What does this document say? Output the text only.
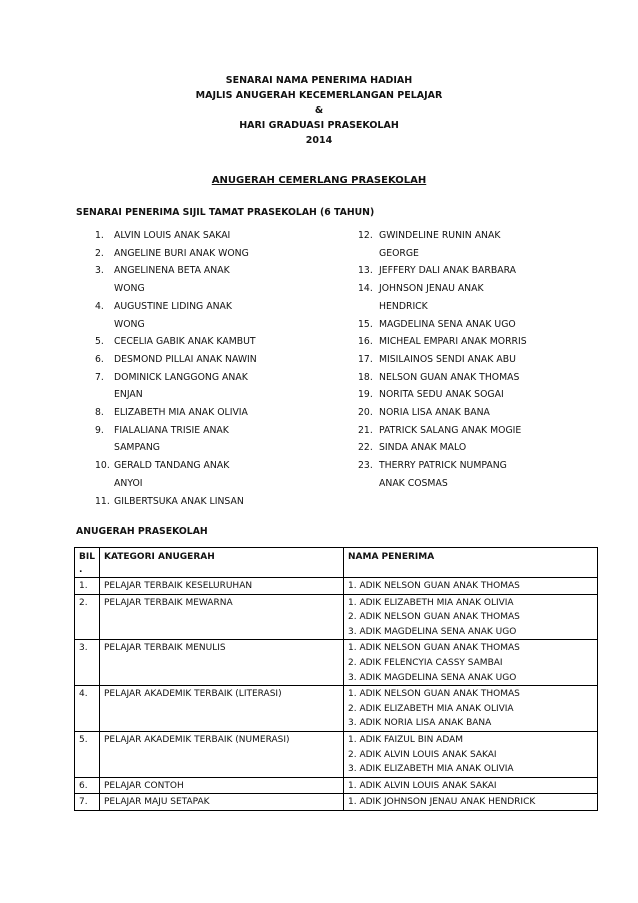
SENARAI NAMA PENERIMA HADIAH
MAJLIS ANUGERAH KECEMERLANGAN PELAJAR
&
HARI GRADUASI PRASEKOLAH
2014
ANUGERAH CEMERLANG PRASEKOLAH
SENARAI PENERIMA SIJIL TAMAT PRASEKOLAH (6 TAHUN)
1. ALVIN LOUIS ANAK SAKAI
2. ANGELINE BURI ANAK WONG
3. ANGELINENA BETA ANAK
WONG
4. AUGUSTINE LIDING ANAK
WONG
5. CECELIA GABIK ANAK KAMBUT
6. DESMOND PILLAI ANAK NAWIN
7. DOMINICK LANGGONG ANAK
ENJAN
8. ELIZABETH MIA ANAK OLIVIA
9. FIALALIANA TRISIE ANAK
SAMPANG
10. GERALD TANDANG ANAK
ANYOI
11. GILBERTSUKA ANAK LINSAN
12. GWINDELINE RUNIN ANAK
GEORGE
13. JEFFERY DALI ANAK BARBARA
14. JOHNSON JENAU ANAK
HENDRICK
15. MAGDELINA SENA ANAK UGO
16. MICHEAL EMPARI ANAK MORRIS
17. MISILAINOS SENDI ANAK ABU
18. NELSON GUAN ANAK THOMAS
19. NORITA SEDU ANAK SOGAI
20. NORIA LISA ANAK BANA
21. PATRICK SALANG ANAK MOGIE
22. SINDA ANAK MALO
23. THERRY PATRICK NUMPANG
ANAK COSMAS
ANUGERAH PRASEKOLAH
BIL .	KATEGORI ANUGERAH	NAMA PENERIMA
1.	PELAJAR TERBAIK KESELURUHAN	1. ADIK NELSON GUAN ANAK THOMAS

2.	PELAJAR TERBAIK MEWARNA	1. ADIK ELIZABETH MIA ANAK OLIVIA
2. ADIK NELSON GUAN ANAK THOMAS
3. ADIK MAGDELINA SENA ANAK UGO

3.	PELAJAR TERBAIK MENULIS	1. ADIK NELSON GUAN ANAK THOMAS
2. ADIK FELENCYIA CASSY SAMBAI
3. ADIK MAGDELINA SENA ANAK UGO

4.	PELAJAR AKADEMIK TERBAIK (LITERASI)	1. ADIK NELSON GUAN ANAK THOMAS
2. ADIK ELIZABETH MIA ANAK OLIVIA
3. ADIK NORIA LISA ANAK BANA

5.	PELAJAR AKADEMIK TERBAIK (NUMERASI)	1. ADIK FAIZUL BIN ADAM
2. ADIK ALVIN LOUIS ANAK SAKAI
3. ADIK ELIZABETH MIA ANAK OLIVIA

6.	PELAJAR CONTOH	1. ADIK ALVIN LOUIS ANAK SAKAI

7.	PELAJAR MAJU SETAPAK	1. ADIK JOHNSON JENAU ANAK HENDRICK
